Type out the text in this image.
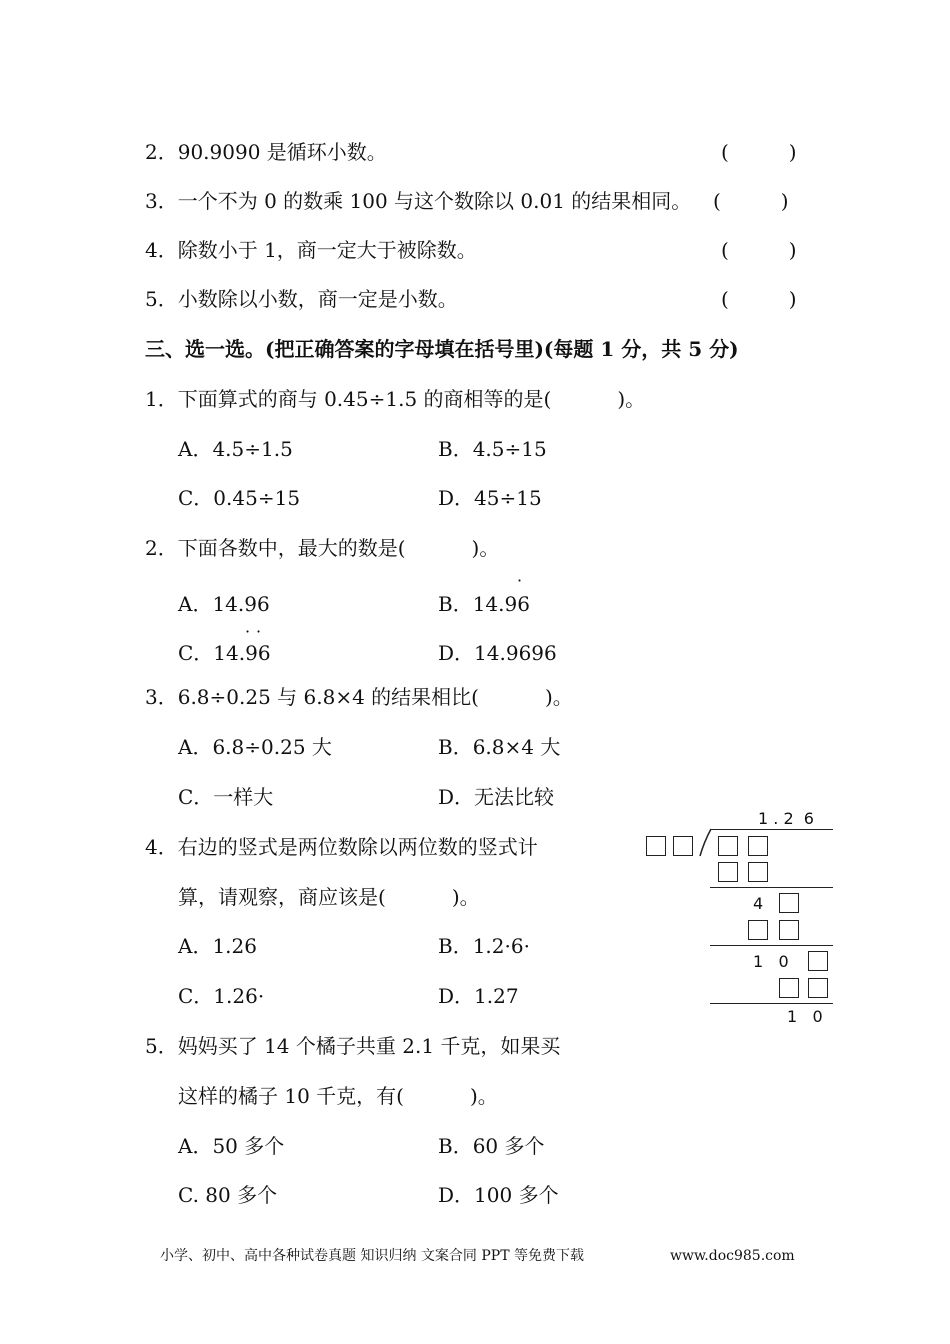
2．90.9090 是循环小数。	(　　　)
3．一个不为 0 的数乘 100 与这个数除以 0.01 的结果相同。 (　　　)
4．除数小于 1，商一定大于被除数。	(　　　)
5．小数除以小数，商一定是小数。	(　　　)
三、选一选。(把正确答案的字母填在括号里)(每题 1 分，共 5 分)
1．下面算式的商与 0.45÷1.5 的商相等的是(	)。
A．4.5÷1.5	B．4.5÷15
C．0.45÷15	D．45÷15
2．下面各数中，最大的数是(	)。
·
A．14.96	B．14.96
· ·
C．14.96	D．14.9696
3．6.8÷0.25 与 6.8×4 的结果相比(	)。
A．6.8÷0.25 大	B．6.8×4 大
C．一样大	D．无法比较
4．右边的竖式是两位数除以两位数的竖式计
算，请观察，商应该是(	)。
A．1.26	B．1.2·6·
C．1.26·	D．1.27
1 . 2  6
4
1   0
1   0
5．妈妈买了 14 个橘子共重 2.1 千克，如果买
这样的橘子 10 千克，有(	)。
A．50 多个	B．60 多个
C. 80 多个	D．100 多个
小学、初中、高中各种试卷真题 知识归纳 文案合同 PPT 等免费下载	www.doc985.com
